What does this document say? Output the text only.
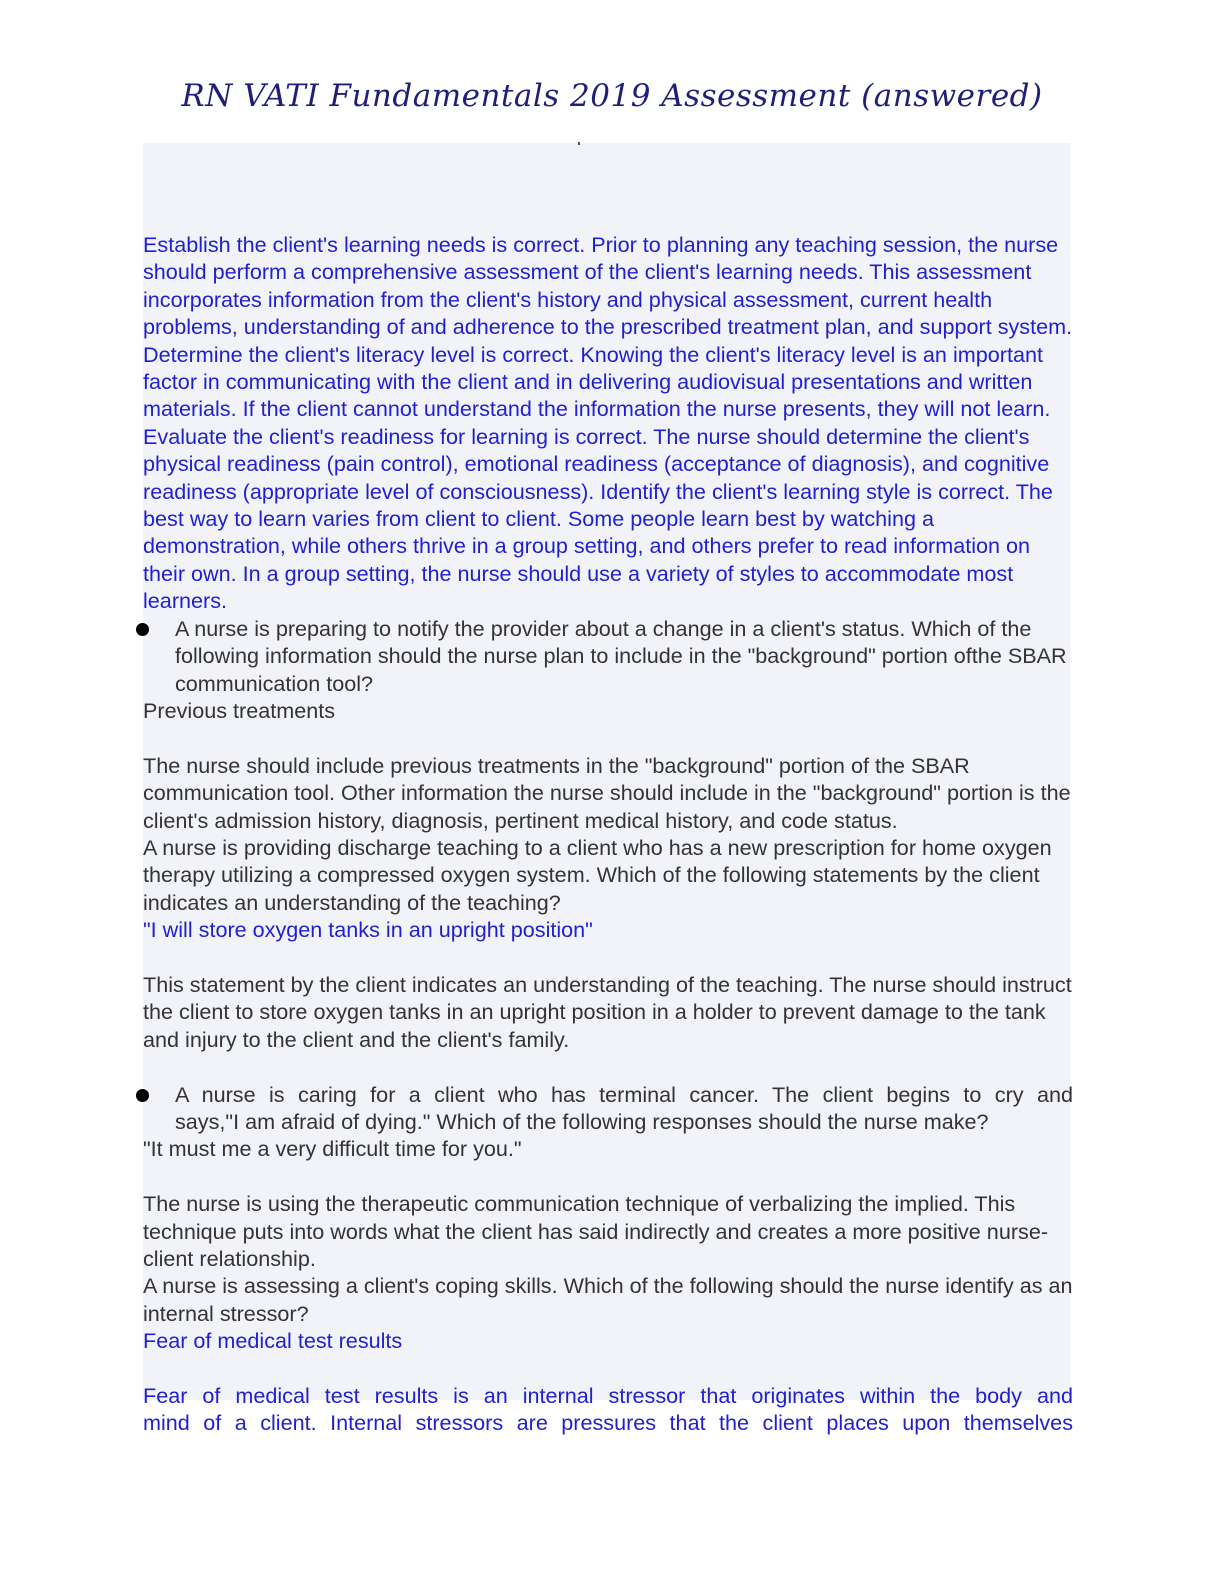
RN VATI Fundamentals 2019 Assessment (answered)

Establish the client's learning needs is correct. Prior to planning any teaching session, the nurse should perform a comprehensive assessment of the client's learning needs. This assessment incorporates information from the client's history and physical assessment, current health problems, understanding of and adherence to the prescribed treatment plan, and support system. Determine the client's literacy level is correct. Knowing the client's literacy level is an important factor in communicating with the client and in delivering audiovisual presentations and written materials. If the client cannot understand the information the nurse presents, they will not learn. Evaluate the client's readiness for learning is correct. The nurse should determine the client's physical readiness (pain control), emotional readiness (acceptance of diagnosis), and cognitive readiness (appropriate level of consciousness). Identify the client's learning style is correct. The best way to learn varies from client to client. Some people learn best by watching a demonstration, while others thrive in a group setting, and others prefer to read information on their own. In a group setting, the nurse should use a variety of styles to accommodate most learners.

A nurse is preparing to notify the provider about a change in a client's status. Which of the following information should the nurse plan to include in the "background" portion ofthe SBAR communication tool?

Previous treatments

The nurse should include previous treatments in the "background" portion of the SBAR communication tool. Other information the nurse should include in the "background" portion is the client's admission history, diagnosis, pertinent medical history, and code status.

A nurse is providing discharge teaching to a client who has a new prescription for home oxygen therapy utilizing a compressed oxygen system. Which of the following statements by the client indicates an understanding of the teaching?

"I will store oxygen tanks in an upright position"

This statement by the client indicates an understanding of the teaching. The nurse should instruct the client to store oxygen tanks in an upright position in a holder to prevent damage to the tank and injury to the client and the client's family.

A nurse is caring for a client who has terminal cancer. The client begins to cry and

says,"I am afraid of dying." Which of the following responses should the nurse make?

"It must me a very difficult time for you."

The nurse is using the therapeutic communication technique of verbalizing the implied. This technique puts into words what the client has said indirectly and creates a more positive nurse-client relationship.

A nurse is assessing a client's coping skills. Which of the following should the nurse identify as an internal stressor?

Fear of medical test results

Fear of medical test results is an internal stressor that originates within the body and

mind of a client. Internal stressors are pressures that the client places upon themselves
